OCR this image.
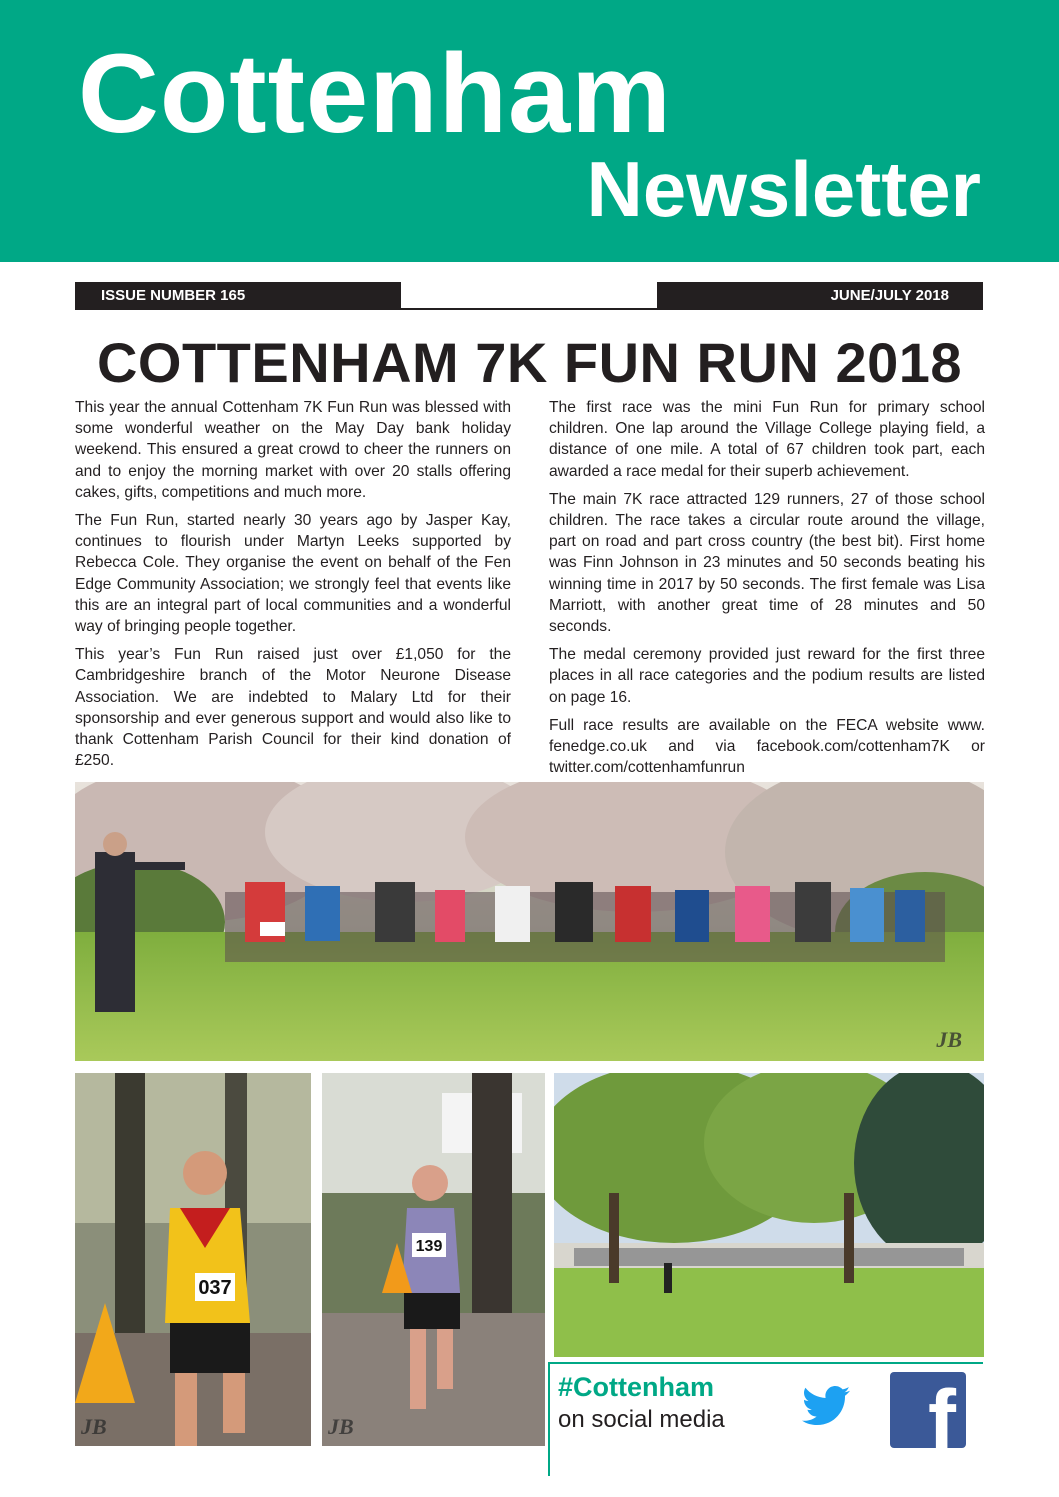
Cottenham
Newsletter
ISSUE NUMBER 165	JUNE/JULY 2018
COTTENHAM 7K FUN RUN 2018

This year the annual Cottenham 7K Fun Run was blessed with some wonderful weather on the May Day bank holiday weekend. This ensured a great crowd to cheer the runners on and to enjoy the morning market with over 20 stalls offering cakes, gifts, competitions and much more.

The Fun Run, started nearly 30 years ago by Jasper Kay, continues to flourish under Martyn Leeks supported by Rebecca Cole. They organise the event on behalf of the Fen Edge Community Association; we strongly feel that events like this are an integral part of local communities and a wonderful way of bringing people together.

This year’s Fun Run raised just over £1,050 for the Cambridgeshire branch of the Motor Neurone Disease Association. We are indebted to Malary Ltd for their sponsorship and ever generous support and would also like to thank Cottenham Parish Council for their kind donation of £250.

The first race was the mini Fun Run for primary school children. One lap around the Village College playing field, a distance of one mile. A total of 67 children took part, each awarded a race medal for their superb achievement.

The main 7K race attracted 129 runners, 27 of those school children. The race takes a circular route around the village, part on road and part cross country (the best bit). First home was Finn Johnson in 23 minutes and 50 seconds beating his winning time in 2017 by 50 seconds. The first female was Lisa Marriott, with another great time of 28 minutes and 50 seconds.

The medal ceremony provided just reward for the first three places in all race categories and the podium results are listed on page 16.

Full race results are available on the FECA website www. fenedge.co.uk and via facebook.com/cottenham7K or twitter.com/cottenhamfunrun

JB
037
JB
139
JB
#Cottenham
on social media f
